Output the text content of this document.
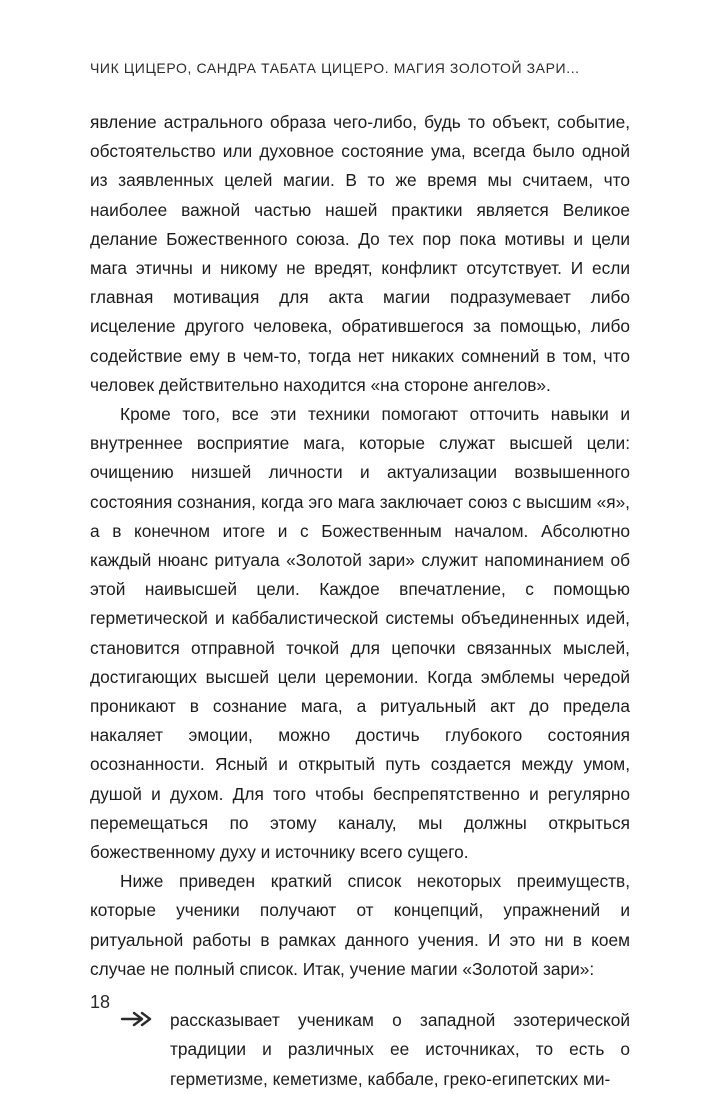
ЧИК ЦИЦЕРО, САНДРА ТАБАТА ЦИЦЕРО. МАГИЯ ЗОЛОТОЙ ЗАРИ...

явление астрального образа чего-либо, будь то объект, событие, обстоятельство или духовное состояние ума, всегда было одной из заявленных целей магии. В то же время мы считаем, что наиболее важной частью нашей практики является Великое делание Божественного союза. До тех пор пока мотивы и цели мага этичны и никому не вредят, конфликт отсутствует. И если главная мотивация для акта магии подразумевает либо исцеление другого человека, обратившегося за помощью, либо содействие ему в чем-то, тогда нет никаких сомнений в том, что человек действительно находится «на стороне ангелов».

Кроме того, все эти техники помогают отточить навыки и внутреннее восприятие мага, которые служат высшей цели: очищению низшей личности и актуализации возвышенного состояния сознания, когда эго мага заключает союз с высшим «я», а в конечном итоге и с Божественным началом. Абсолютно каждый нюанс ритуала «Золотой зари» служит напоминанием об этой наивысшей цели. Каждое впечатление, с помощью герметической и каббалистической системы объединенных идей, становится отправной точкой для цепочки связанных мыслей, достигающих высшей цели церемонии. Когда эмблемы чередой проникают в сознание мага, а ритуальный акт до предела накаляет эмоции, можно достичь глубокого состояния осознанности. Ясный и открытый путь создается между умом, душой и духом. Для того чтобы беспрепятственно и регулярно перемещаться по этому каналу, мы должны открыться божественному духу и источнику всего сущего.

Ниже приведен краткий список некоторых преимуществ, которые ученики получают от концепций, упражнений и ритуальной работы в рамках данного учения. И это ни в коем случае не полный список. Итак, учение магии «Золотой зари»:

рассказывает ученикам о западной эзотерической традиции и различных ее источниках, то есть о герметизме, кеметизме, каббале, греко-египетских ми-
18
